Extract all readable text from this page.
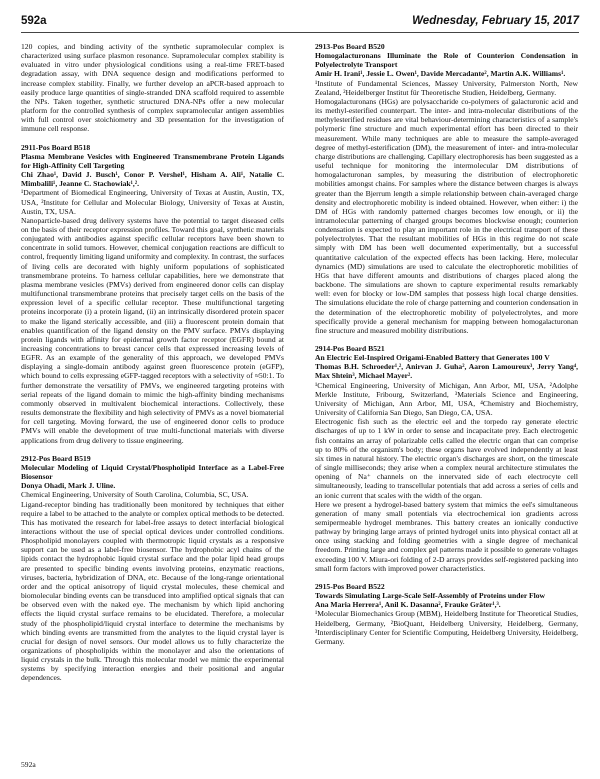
592a	Wednesday, February 15, 2017

120 copies, and binding activity of the synthetic supramolecular complex is characterized using surface plasmon resonance. Supramolecular complex stability is evaluated in vitro under physiological conditions using a real-time FRET-based degradation assay, with DNA sequence design and modifications performed to increase complex stability. Finally, we further develop an aPCR-based approach to easily produce large quantities of single-stranded DNA scaffold required to assemble the NPs. Taken together, synthetic structured DNA-NPs offer a new molecular platform for the controlled synthesis of complex supramolecular antigen assemblies with full control over stoichiometry and 3D presentation for the investigation of immune cell response.

2911-Pos Board B518

Plasma Membrane Vesicles with Engineered Transmembrane Protein Ligands for High-Affinity Cell Targeting

Chi Zhao¹, David J. Busch¹, Conor P. Vershel¹, Hisham A. Ali¹, Natalie C. Mimbalili¹, Jeanne C. Stachowiak¹,².

¹Department of Biomedical Engineering, University of Texas at Austin, Austin, TX, USA, ²Institute for Cellular and Molecular Biology, University of Texas at Austin, Austin, TX, USA.

Nanoparticle-based drug delivery systems have the potential to target diseased cells on the basis of their receptor expression profiles. Toward this goal, synthetic materials conjugated with antibodies against specific cellular receptors have been shown to concentrate in solid tumors. However, chemical conjugation reactions are difficult to control, frequently limiting ligand uniformity and complexity. In contrast, the surfaces of living cells are decorated with highly uniform populations of sophisticated transmembrane proteins. To harness cellular capabilities, here we demonstrate that plasma membrane vesicles (PMVs) derived from engineered donor cells can display multifunctional transmembrane proteins that precisely target cells on the basis of the expression level of a specific cellular receptor. These multifunctional targeting proteins incorporate (i) a protein ligand, (ii) an intrinsically disordered protein spacer to make the ligand sterically accessible, and (iii) a fluorescent protein domain that enables quantification of the ligand density on the PMV surface. PMVs displaying protein ligands with affinity for epidermal growth factor receptor (EGFR) bound at increasing concentrations to breast cancer cells that expressed increasing levels of EGFR. As an example of the generality of this approach, we developed PMVs displaying a single-domain antibody against green fluorescence protein (eGFP), which bound to cells expressing eGFP-tagged receptors with a selectivity of ≈50:1. To further demonstrate the versatility of PMVs, we engineered targeting proteins with serial repeats of the ligand domain to mimic the high-affinity binding mechanisms commonly observed in multivalent biochemical interactions. Collectively, these results demonstrate the flexibility and high selectivity of PMVs as a novel biomaterial for cell targeting. Moving forward, the use of engineered donor cells to produce PMVs will enable the development of true multi-functional materials with diverse applications from drug delivery to tissue engineering.

2912-Pos Board B519

Molecular Modeling of Liquid Crystal/Phospholipid Interface as a Label-Free Biosensor

Donya Ohadi, Mark J. Uline.

Chemical Engineering, University of South Carolina, Columbia, SC, USA.

Ligand-receptor binding has traditionally been monitored by techniques that either require a label to be attached to the analyte or complex optical methods to be detected. This has motivated the research for label-free assays to detect interfacial biological interactions without the use of special optical devices under controlled conditions. Phospholipid monolayers coupled with thermotropic liquid crystals as a responsive support can be used as a label-free biosensor. The hydrophobic acyl chains of the lipids contact the hydrophobic liquid crystal surface and the polar lipid head groups are presented to specific binding events involving proteins, enzymatic reactions, viruses, bacteria, hybridization of DNA, etc. Because of the long-range orientational order and the optical anisotropy of liquid crystal molecules, these chemical and biomolecular binding events can be transduced into amplified optical signals that can be observed even with the naked eye. The mechanism by which lipid anchoring effects the liquid crystal surface remains to be elucidated. Therefore, a molecular study of the phospholipid/liquid crystal interface to determine the mechanisms by which binding events are transmitted from the analytes to the liquid crystal layer is crucial for design of novel sensors. Our model allows us to fully characterize the organizations of phospholipids within the monolayer and also the orientations of liquid crystals in the bulk. Through this molecular model we mimic the experimental systems by specifying interaction energies and their positional and angular dependences.

2913-Pos Board B520

Homogalacturonans Illuminate the Role of Counterion Condensation in Polyelectrolyte Transport

Amir H. Irani¹, Jessie L. Owen¹, Davide Mercadante², Martin A.K. Williams¹.

¹Institute of Fundamental Sciences, Massey University, Palmerston North, New Zealand, ²Heidelberger Institut für Theoretische Studien, Heidelberg, Germany.

Homogalacturonans (HGs) are polysaccharide co-polymers of galacturonic acid and its methyl-esterified counterpart. The inter- and intra-molecular distributions of the methylesterified residues are vital behaviour-determining characteristics of a sample's polymeric fine structure and much experimental effort has been directed to their measurement. While many techniques are able to measure the sample-averaged degree of methyl-esterification (DM), the measurement of inter- and intra-molecular charge distributions are challenging. Capillary electrophoresis has been suggested as a useful technique for monitoring the intermolecular DM distributions of homogalacturonan samples, by measuring the distribution of electrophoretic mobilities amongst chains. For samples where the distance between charges is always greater than the Bjerrum length a simple relationship between chain-averaged charge density and electrophoretic mobility is indeed obtained. However, when either: i) the DM of HGs with randomly patterned charges becomes low enough, or ii) the intramolecular patterning of charged groups becomes blockwise enough; counterion condensation is expected to play an important role in the electrical transport of these polyelectrolytes. That the resultant mobilities of HGs in this regime do not scale simply with DM has been well documented experimentally, but a successful quantitative calculation of the expected effects has been lacking. Here, molecular dynamics (MD) simulations are used to calculate the electrophoretic mobilities of HGs that have different amounts and distributions of charges placed along the backbone. The simulations are shown to capture experimental results remarkably well: even for blocky or low-DM samples that possess high local charge densities. The simulations elucidate the role of charge patterning and counterion condensation in the determination of the electrophoretic mobility of polyelectrolytes, and more specifically provide a general mechanism for mapping between homogalacturonan fine structure and measured mobility distributions.

2914-Pos Board B521

An Electric Eel-Inspired Origami-Enabled Battery that Generates 100 V

Thomas B.H. Schroeder¹,², Anirvan J. Guha², Aaron Lamoureux³, Jerry Yang⁴, Max Shtein³, Michael Mayer².

¹Chemical Engineering, University of Michigan, Ann Arbor, MI, USA, ²Adolphe Merkle Institute, Fribourg, Switzerland, ³Materials Science and Engineering, University of Michigan, Ann Arbor, MI, USA, ⁴Chemistry and Biochemistry, University of California San Diego, San Diego, CA, USA.

Electrogenic fish such as the electric eel and the torpedo ray generate electric discharges of up to 1 kW in order to sense and incapacitate prey. Each electrogenic fish contains an array of polarizable cells called the electric organ that can comprise up to 80% of the organism's body; these organs have evolved independently at least six times in natural history. The electric organ's discharges are short, on the timescale of single milliseconds; they arise when a complex neural architecture stimulates the opening of Na⁺ channels on the innervated side of each electrocyte cell simultaneously, leading to transcellular potentials that add across a series of cells and an ionic current that scales with the width of the organ.

Here we present a hydrogel-based battery system that mimics the eel's simultaneous generation of many small potentials via electrochemical ion gradients across semipermeable hydrogel membranes. This battery creates an ionically conductive pathway by bringing large arrays of printed hydrogel units into physical contact all at once using stacking and folding geometries with a single degree of mechanical freedom. Printing large and complex gel patterns made it possible to generate voltages exceeding 100 V. Miura-ori folding of 2-D arrays provides self-registered packing into small form factors with improved power characteristics.

2915-Pos Board B522

Towards Simulating Large-Scale Self-Assembly of Proteins under Flow

Ana Maria Herrera¹, Anil K. Dasanna², Frauke Gräter¹,³.

¹Molecular Biomechanics Group (MBM), Heidelberg Institute for Theoretical Studies, Heidelberg, Germany, ²BioQuant, Heidelberg University, Heidelberg, Germany, ³Interdisciplinary Center for Scientific Computing, Heidelberg University, Heidelberg, Germany.

592a
